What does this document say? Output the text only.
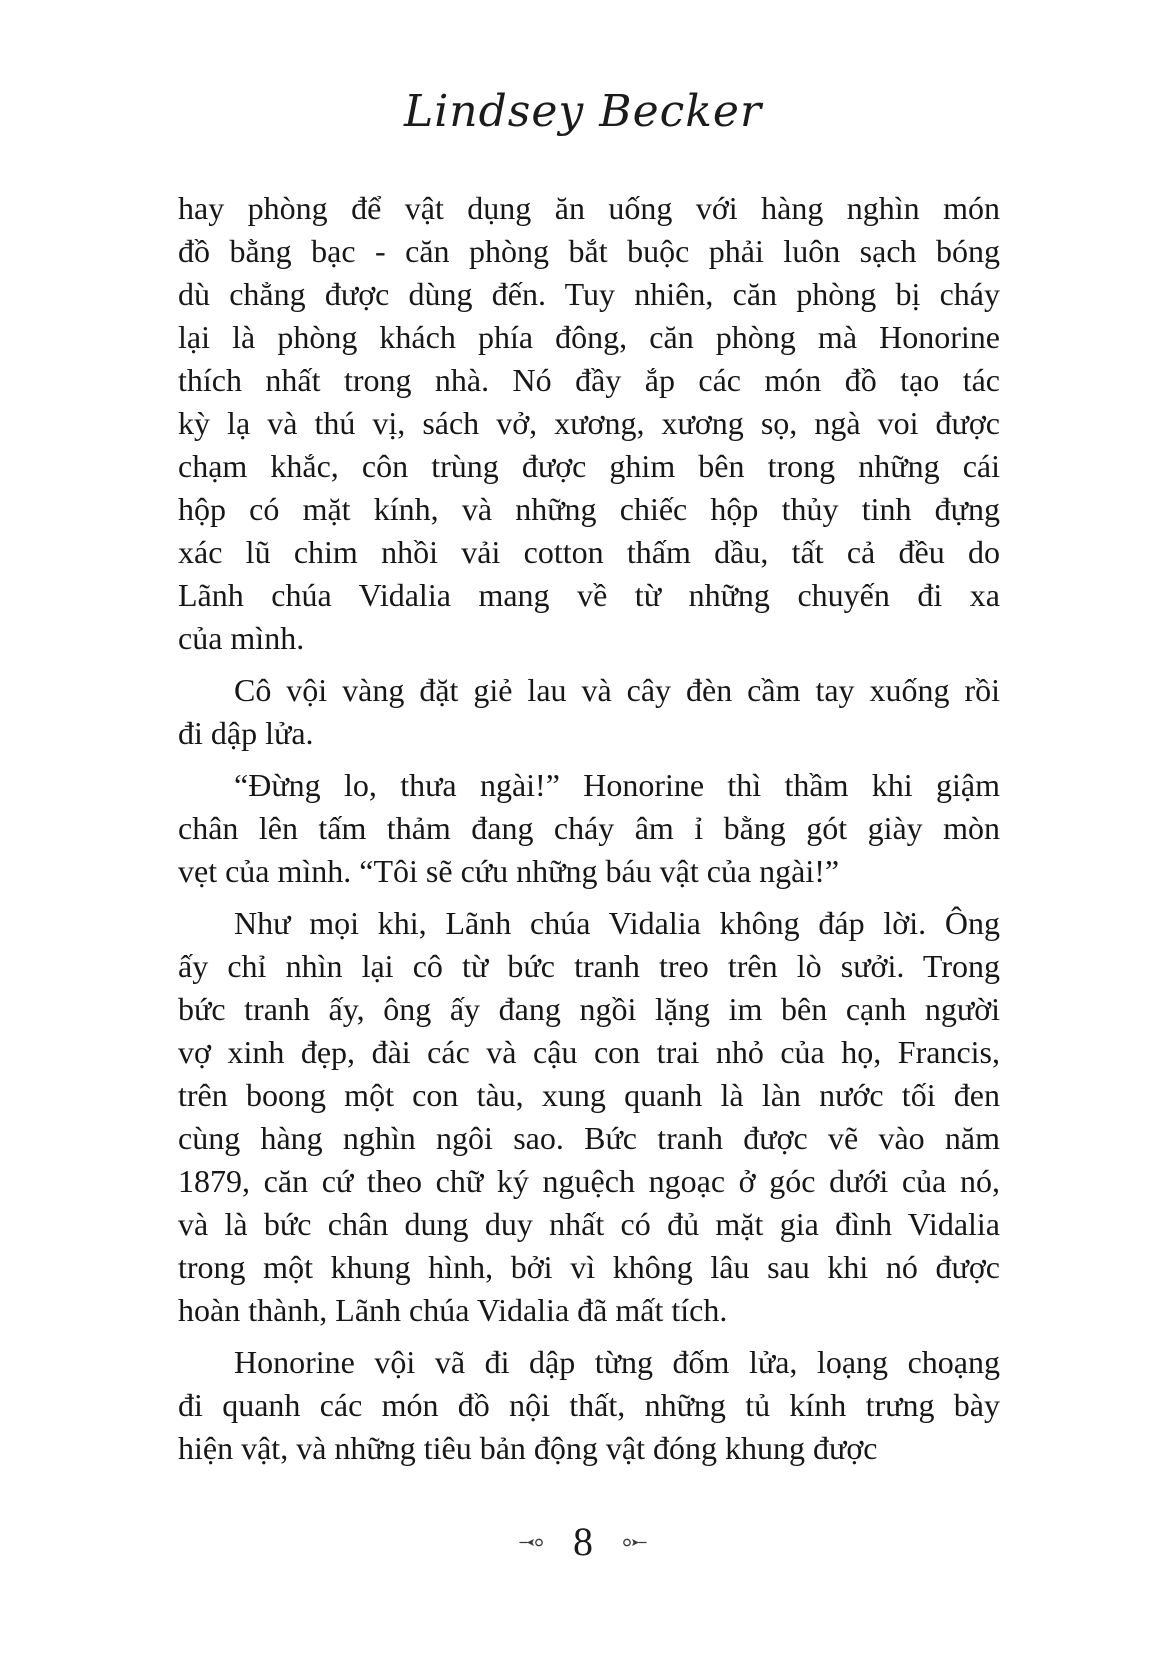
Lindsey Becker
hay phòng để vật dụng ăn uống với hàng nghìn món
đồ bằng bạc - căn phòng bắt buộc phải luôn sạch bóng
dù chẳng được dùng đến. Tuy nhiên, căn phòng bị cháy
lại là phòng khách phía đông, căn phòng mà Honorine
thích nhất trong nhà. Nó đầy ắp các món đồ tạo tác
kỳ lạ và thú vị, sách vở, xương, xương sọ, ngà voi được
chạm khắc, côn trùng được ghim bên trong những cái
hộp có mặt kính, và những chiếc hộp thủy tinh đựng
xác lũ chim nhồi vải cotton thấm dầu, tất cả đều do
Lãnh chúa Vidalia mang về từ những chuyến đi xa
của mình.
Cô vội vàng đặt giẻ lau và cây đèn cầm tay xuống rồi
đi dập lửa.
“Đừng lo, thưa ngài!” Honorine thì thầm khi giậm
chân lên tấm thảm đang cháy âm ỉ bằng gót giày mòn
vẹt của mình. “Tôi sẽ cứu những báu vật của ngài!”
Như mọi khi, Lãnh chúa Vidalia không đáp lời. Ông
ấy chỉ nhìn lại cô từ bức tranh treo trên lò sưởi. Trong
bức tranh ấy, ông ấy đang ngồi lặng im bên cạnh người
vợ xinh đẹp, đài các và cậu con trai nhỏ của họ, Francis,
trên boong một con tàu, xung quanh là làn nước tối đen
cùng hàng nghìn ngôi sao. Bức tranh được vẽ vào năm
1879, căn cứ theo chữ ký nguệch ngoạc ở góc dưới của nó,
và là bức chân dung duy nhất có đủ mặt gia đình Vidalia
trong một khung hình, bởi vì không lâu sau khi nó được
hoàn thành, Lãnh chúa Vidalia đã mất tích.
Honorine vội vã đi dập từng đốm lửa, loạng choạng
đi quanh các món đồ nội thất, những tủ kính trưng bày
hiện vật, và những tiêu bản động vật đóng khung được
8
